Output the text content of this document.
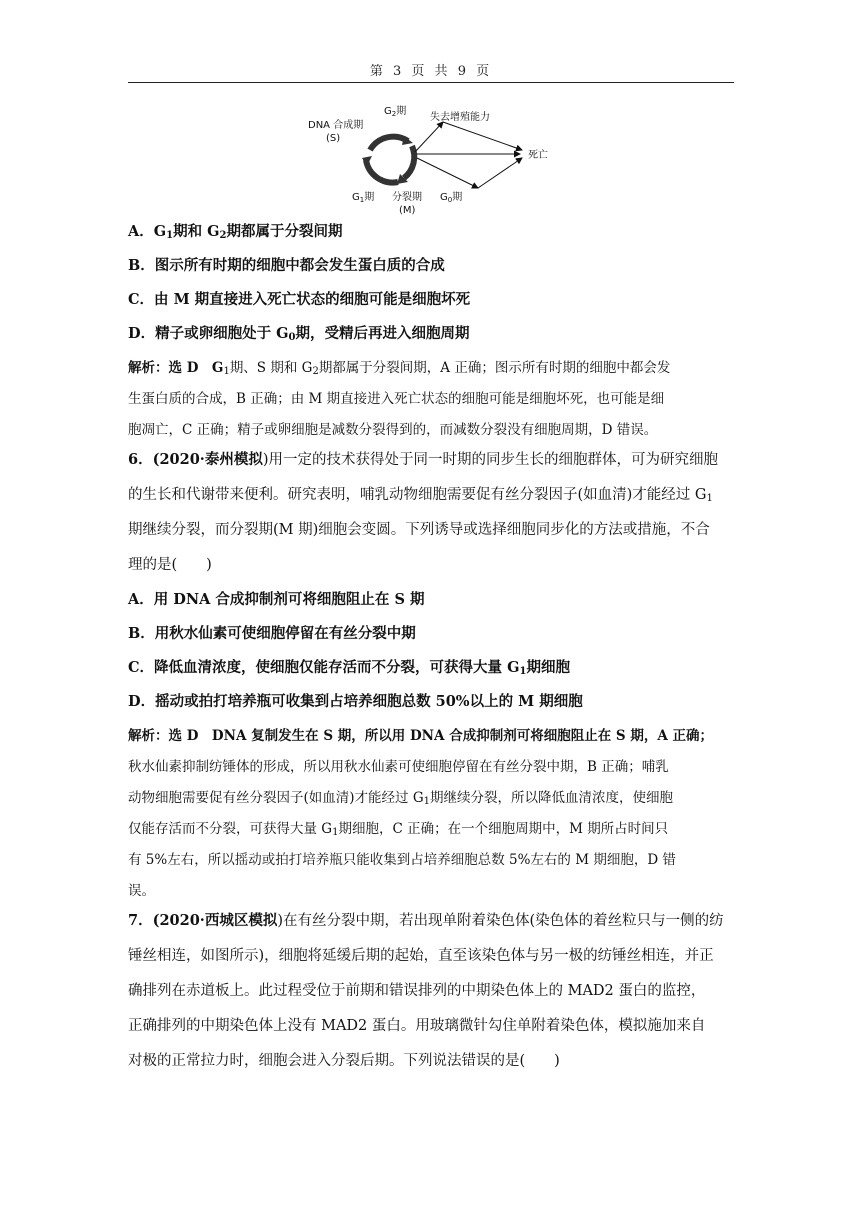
第 3 页 共 9 页
DNA 合成期
(S)
$G_2$期
$G_1$期 分裂期
(M)
$G_0$期
失去增殖能力
死亡
A．$G_1$期和 $G_2$期都属于分裂间期
B．图示所有时期的细胞中都会发生蛋白质的合成
C．由 M 期直接进入死亡状态的细胞可能是细胞坏死
D．精子或卵细胞处于 $G_0$期，受精后再进入细胞周期
解析：选 D　$G_1$期、S 期和 $G_2$期都属于分裂间期，A 正确；图示所有时期的细胞中都会发
生蛋白质的合成，B 正确；由 M 期直接进入死亡状态的细胞可能是细胞坏死，也可能是细
胞凋亡，C 正确；精子或卵细胞是减数分裂得到的，而减数分裂没有细胞周期，D 错误。
6．(2020·泰州模拟)用一定的技术获得处于同一时期的同步生长的细胞群体，可为研究细胞
的生长和代谢带来便利。研究表明，哺乳动物细胞需要促有丝分裂因子(如血清)才能经过 $G_1$
期继续分裂，而分裂期(M 期)细胞会变圆。下列诱导或选择细胞同步化的方法或措施，不合
理的是(　　)
A．用 DNA 合成抑制剂可将细胞阻止在 S 期
B．用秋水仙素可使细胞停留在有丝分裂中期
C．降低血清浓度，使细胞仅能存活而不分裂，可获得大量 $G_1$期细胞
D．摇动或拍打培养瓶可收集到占培养细胞总数 50%以上的 M 期细胞
解析：选 D　DNA 复制发生在 S 期，所以用 DNA 合成抑制剂可将细胞阻止在 S 期，A 正确；
秋水仙素抑制纺锤体的形成，所以用秋水仙素可使细胞停留在有丝分裂中期，B 正确；哺乳
动物细胞需要促有丝分裂因子(如血清)才能经过 $G_1$期继续分裂，所以降低血清浓度，使细胞
仅能存活而不分裂，可获得大量 $G_1$期细胞，C 正确；在一个细胞周期中，M 期所占时间只
有 5%左右，所以摇动或拍打培养瓶只能收集到占培养细胞总数 5%左右的 M 期细胞，D 错
误。
7．(2020·西城区模拟)在有丝分裂中期，若出现单附着染色体(染色体的着丝粒只与一侧的纺
锤丝相连，如图所示)，细胞将延缓后期的起始，直至该染色体与另一极的纺锤丝相连，并正
确排列在赤道板上。此过程受位于前期和错误排列的中期染色体上的 MAD2 蛋白的监控，
正确排列的中期染色体上没有 MAD2 蛋白。用玻璃微针勾住单附着染色体，模拟施加来自
对极的正常拉力时，细胞会进入分裂后期。下列说法错误的是(　　)
